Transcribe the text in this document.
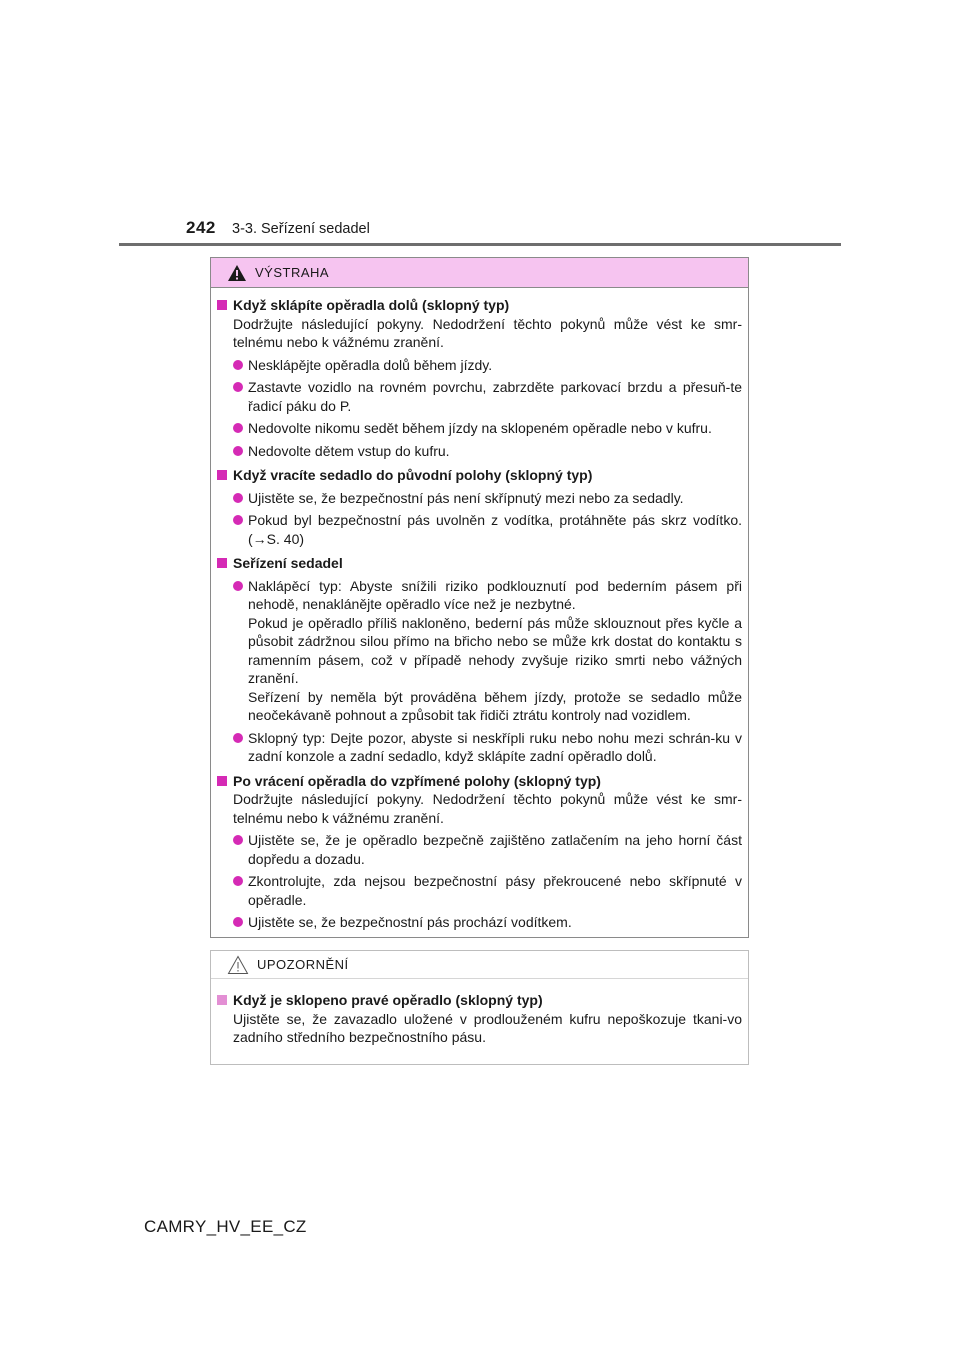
242 3-3. Seřízení sedadel
VÝSTRAHA
Když sklápíte opěradla dolů (sklopný typ)
Dodržujte následující pokyny. Nedodržení těchto pokynů může vést ke smr-telnému nebo k vážnému zranění.
Nesklápějte opěradla dolů během jízdy.
Zastavte vozidlo na rovném povrchu, zabrzděte parkovací brzdu a přesuň-te řadicí páku do P.
Nedovolte nikomu sedět během jízdy na sklopeném opěradle nebo v kufru.
Nedovolte dětem vstup do kufru.
Když vracíte sedadlo do původní polohy (sklopný typ)
Ujistěte se, že bezpečnostní pás není skřípnutý mezi nebo za sedadly.
Pokud byl bezpečnostní pás uvolněn z vodítka, protáhněte pás skrz vodítko. (→S. 40)
Seřízení sedadel
Naklápěcí typ: Abyste snížili riziko podklouznutí pod bederním pásem při nehodě, nenaklánějte opěradlo více než je nezbytné.
Pokud je opěradlo příliš nakloněno, bederní pás může sklouznout přes kyčle a působit zádržnou silou přímo na břicho nebo se může krk dostat do kontaktu s ramenním pásem, což v případě nehody zvyšuje riziko smrti nebo vážných zranění.
Seřízení by neměla být prováděna během jízdy, protože se sedadlo může neočekávaně pohnout a způsobit tak řidiči ztrátu kontroly nad vozidlem.
Sklopný typ: Dejte pozor, abyste si neskřípli ruku nebo nohu mezi schrán-ku v zadní konzole a zadní sedadlo, když sklápíte zadní opěradlo dolů.
Po vrácení opěradla do vzpřímené polohy (sklopný typ)
Dodržujte následující pokyny. Nedodržení těchto pokynů může vést ke smr-telnému nebo k vážnému zranění.
Ujistěte se, že je opěradlo bezpečně zajištěno zatlačením na jeho horní část dopředu a dozadu.
Zkontrolujte, zda nejsou bezpečnostní pásy překroucené nebo skřípnuté v opěradle.
Ujistěte se, že bezpečnostní pás prochází vodítkem.
UPOZORNĚNÍ
Když je sklopeno pravé opěradlo (sklopný typ)
Ujistěte se, že zavazadlo uložené v prodlouženém kufru nepoškozuje tkani-vo zadního středního bezpečnostního pásu.
CAMRY_HV_EE_CZ
